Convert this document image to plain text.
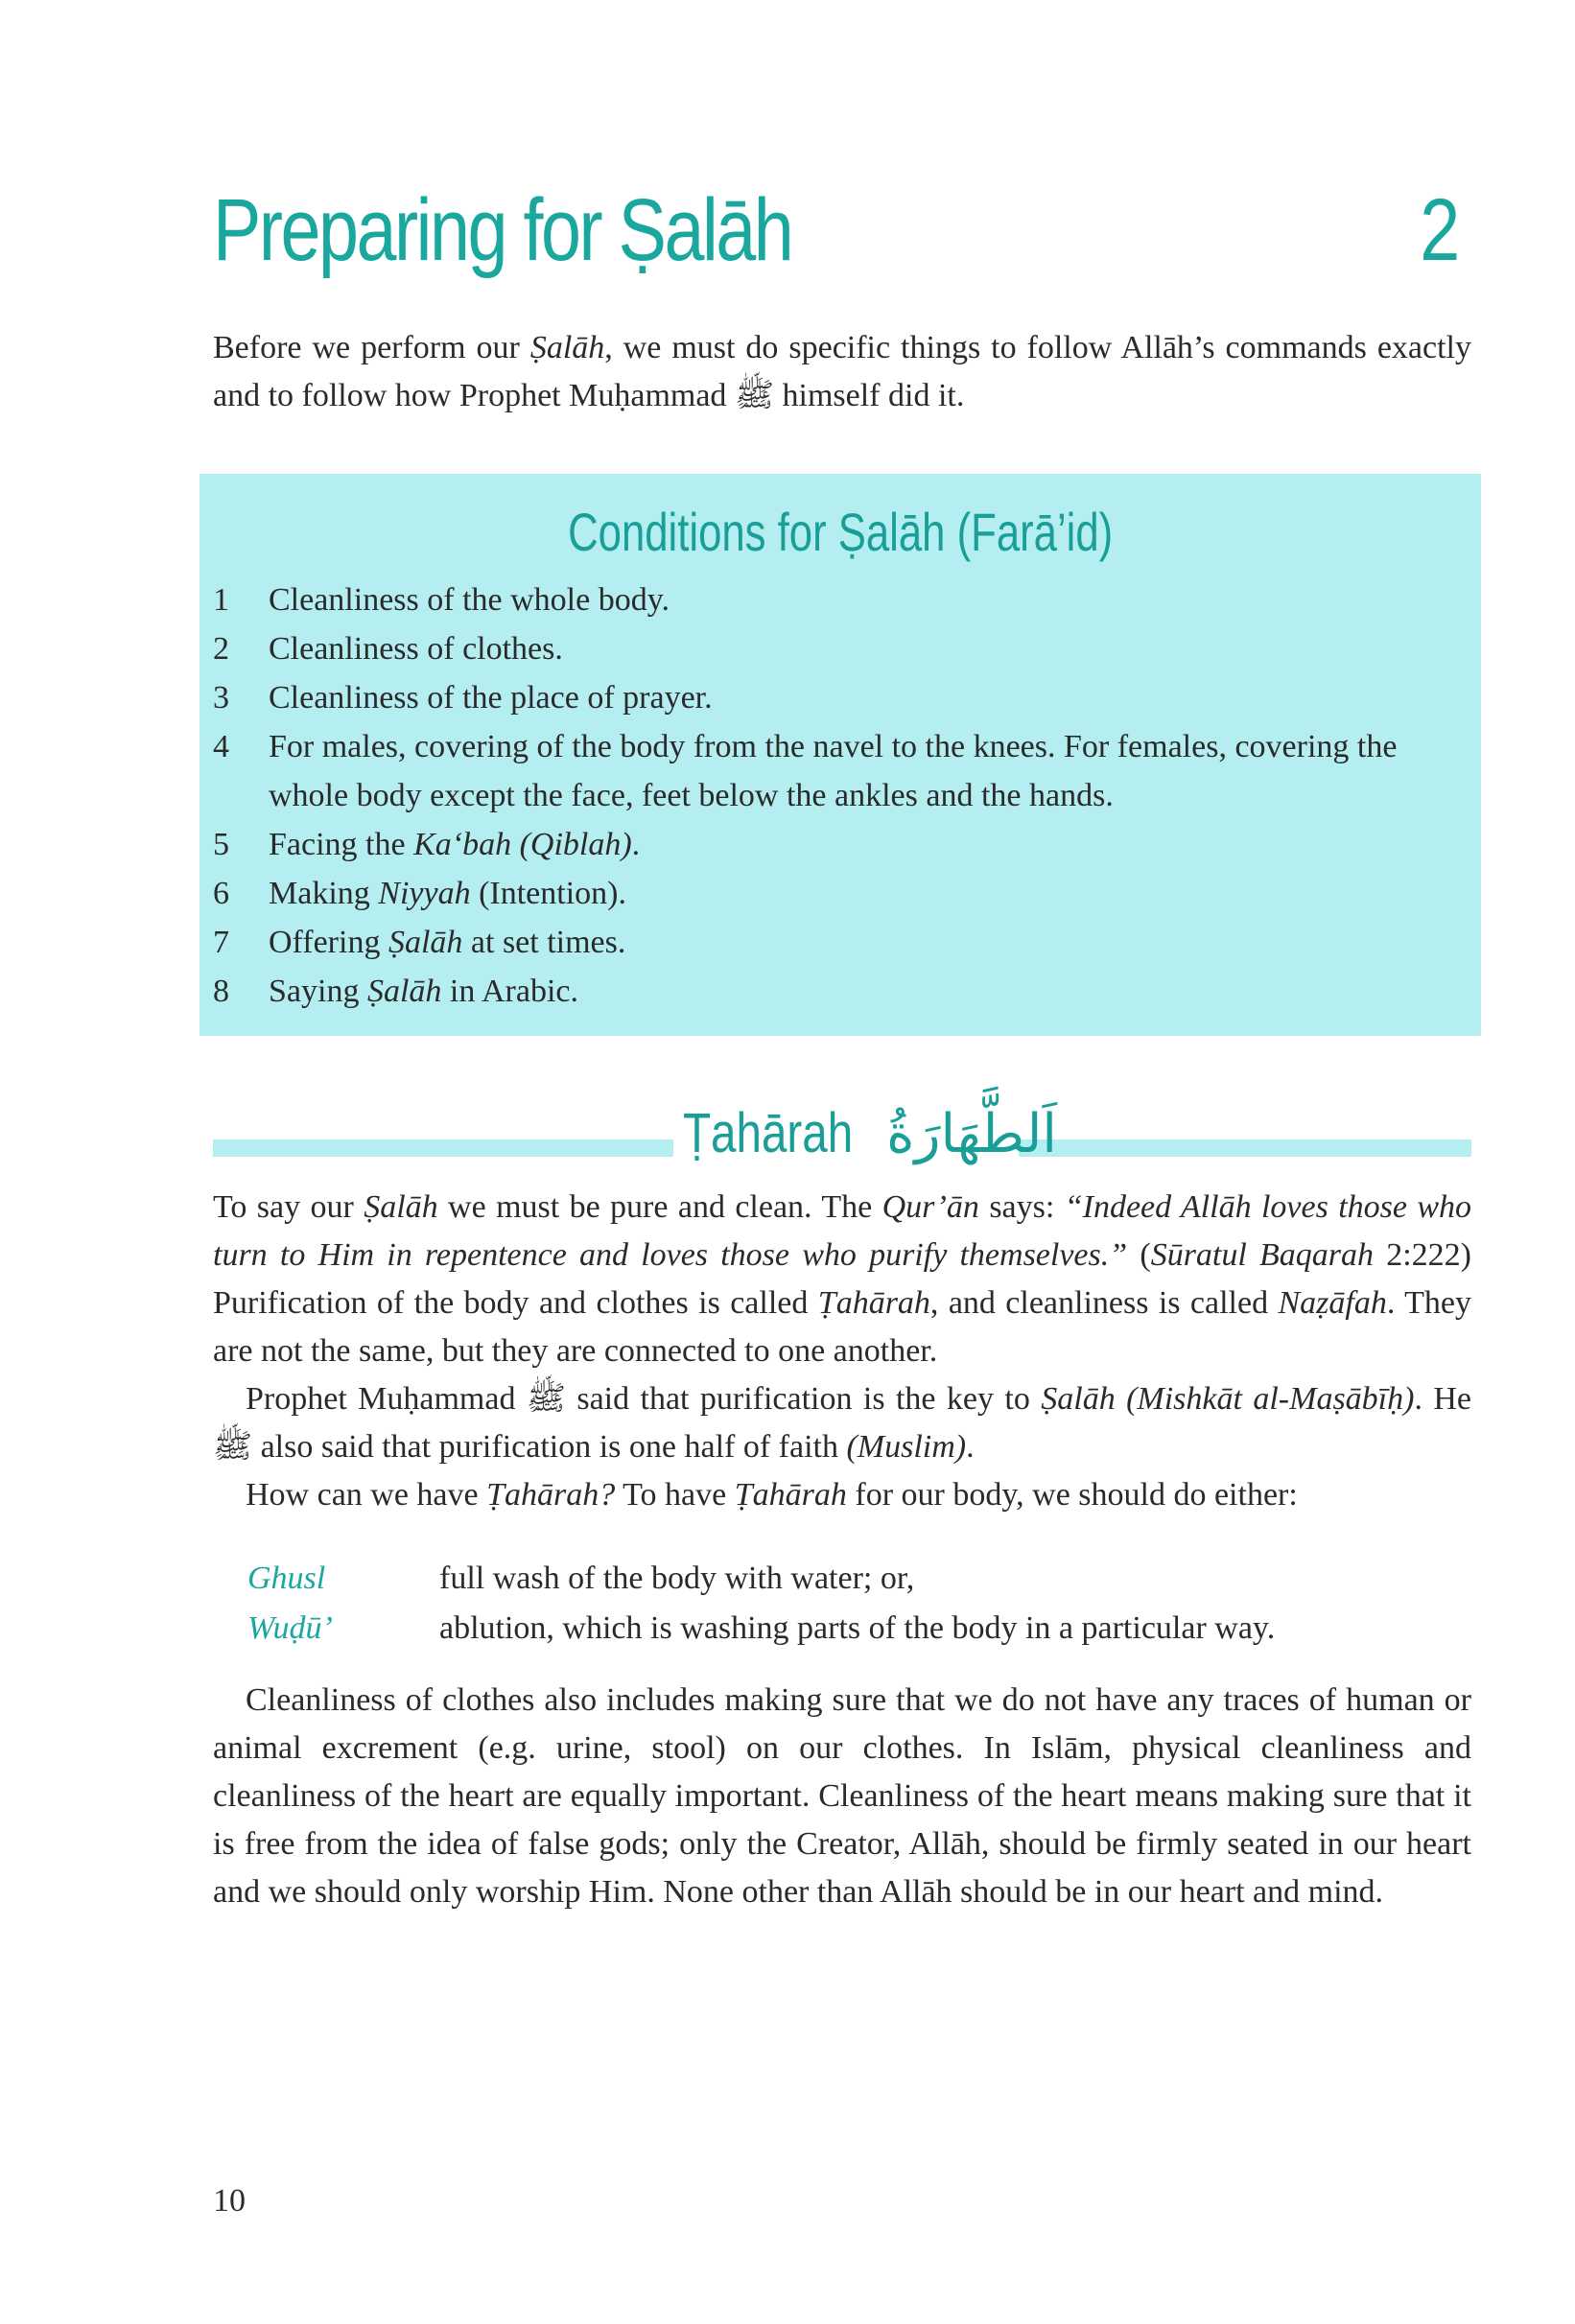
Preparing for Ṣalāh	2

Before we perform our Ṣalāh, we must do specific things to follow Allāh’s commands exactly and to follow how Prophet Muḥammad ﷺ himself did it.

Conditions for Ṣalāh (Farā’id)
1	Cleanliness of the whole body.
2	Cleanliness of clothes.
3	Cleanliness of the place of prayer.
4	For males, covering of the body from the navel to the knees. For females, covering the whole body except the face, feet below the ankles and the hands.
5	Facing the Ka‘bah (Qiblah).
6	Making Niyyah (Intention).
7	Offering Ṣalāh at set times.
8	Saying Ṣalāh in Arabic.
Ṭahārah اَلطَّهَارَةُ

To say our Ṣalāh we must be pure and clean. The Qur’ān says: “Indeed Allāh loves those who turn to Him in repentence and loves those who purify themselves.” (Sūratul Baqarah 2:222) Purification of the body and clothes is called Ṭahārah, and cleanliness is called Naẓāfah. They are not the same, but they are connected to one another.

Prophet Muḥammad ﷺ said that purification is the key to Ṣalāh (Mishkāt al-Maṣābīḥ). He ﷺ also said that purification is one half of faith (Muslim).

How can we have Ṭahārah? To have Ṭahārah for our body, we should do either:

Ghusl	full wash of the body with water; or,
Wuḍū’	ablution, which is washing parts of the body in a particular way.

Cleanliness of clothes also includes making sure that we do not have any traces of human or animal excrement (e.g. urine, stool) on our clothes. In Islām, physical cleanliness and cleanliness of the heart are equally important. Cleanliness of the heart means making sure that it is free from the idea of false gods; only the Creator, Allāh, should be firmly seated in our heart and we should only worship Him. None other than Allāh should be in our heart and mind.

10
